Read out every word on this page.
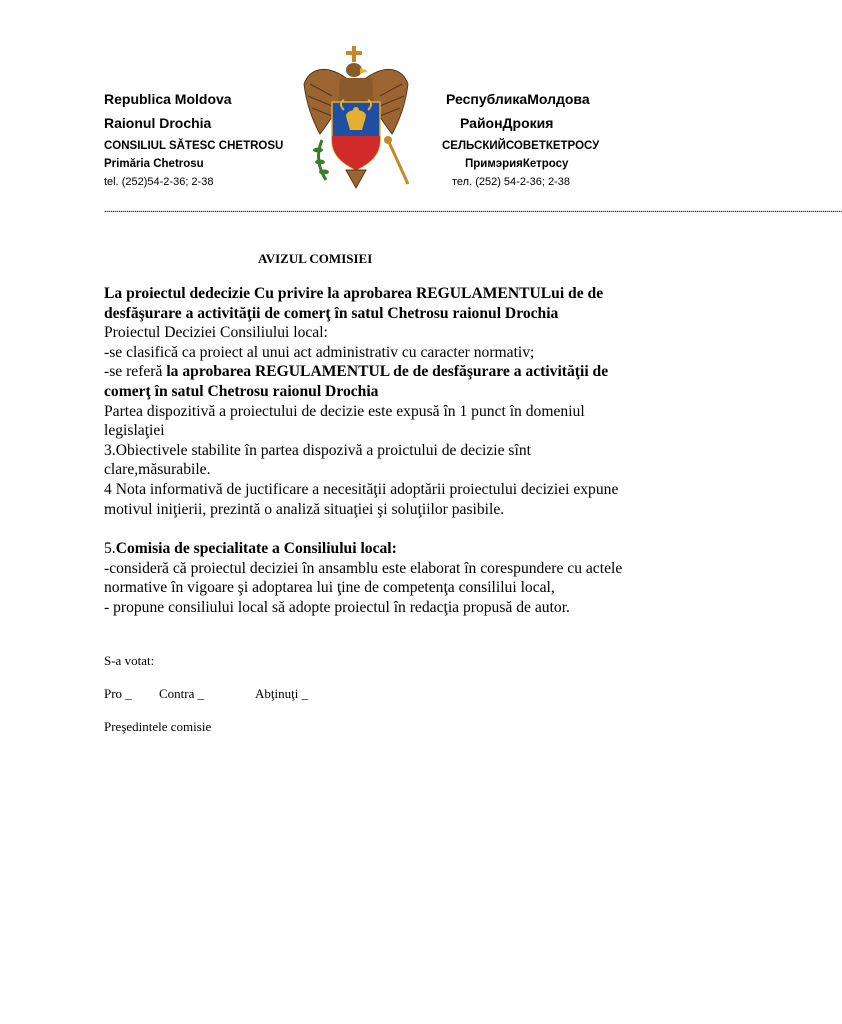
Republica Moldova
Raionul Drochia
CONSILIUL SĂTESC CHETROSU
Primăria Chetrosu
tel. (252)54-2-36; 2-38
РеспубликаМолдова
РайонДрокия
СЕЛЬСКИЙСОВЕТКЕТРОСУ
ПримэрияКетросу
тел. (252) 54-2-36; 2-38
.................................................................................................................................................................................................................................................................................................................................................................................
AVIZUL COMISIEI

La proiectul dedecizie Cu privire la aprobarea REGULAMENTULui de de

desfăşurare a activităţii de comerţ în satul Chetrosu raionul Drochia

Proiectul Deciziei Consiliului local:

-se clasifică ca proiect al unui act administrativ cu caracter normativ;

-se referă la aprobarea REGULAMENTUL de de desfăşurare a activităţii de

comerţ în satul Chetrosu raionul Drochia

Partea dispozitivă a proiectului de decizie este expusă în 1 punct în domeniul

legislaţiei

3.Obiectivele stabilite în partea dispozivă a proictului de decizie sînt

clare,măsurabile.

4 Nota informativă de juctificare a necesităţii adoptării proiectului deciziei expune

motivul iniţierii, prezintă o analiză situaţiei şi soluţiilor pasibile.

5.Comisia de specialitate a Consiliului local:

-consideră că proiectul deciziei în ansamblu este elaborat în corespundere cu actele

normative în vigoare şi adoptarea lui ţine de competenţa consililui local,

- propune consiliului local să adopte proiectul în redacţia propusă de autor.

S-a votat:
Pro _ Contra _	Abţinuţi _
Preşedintele comisie
